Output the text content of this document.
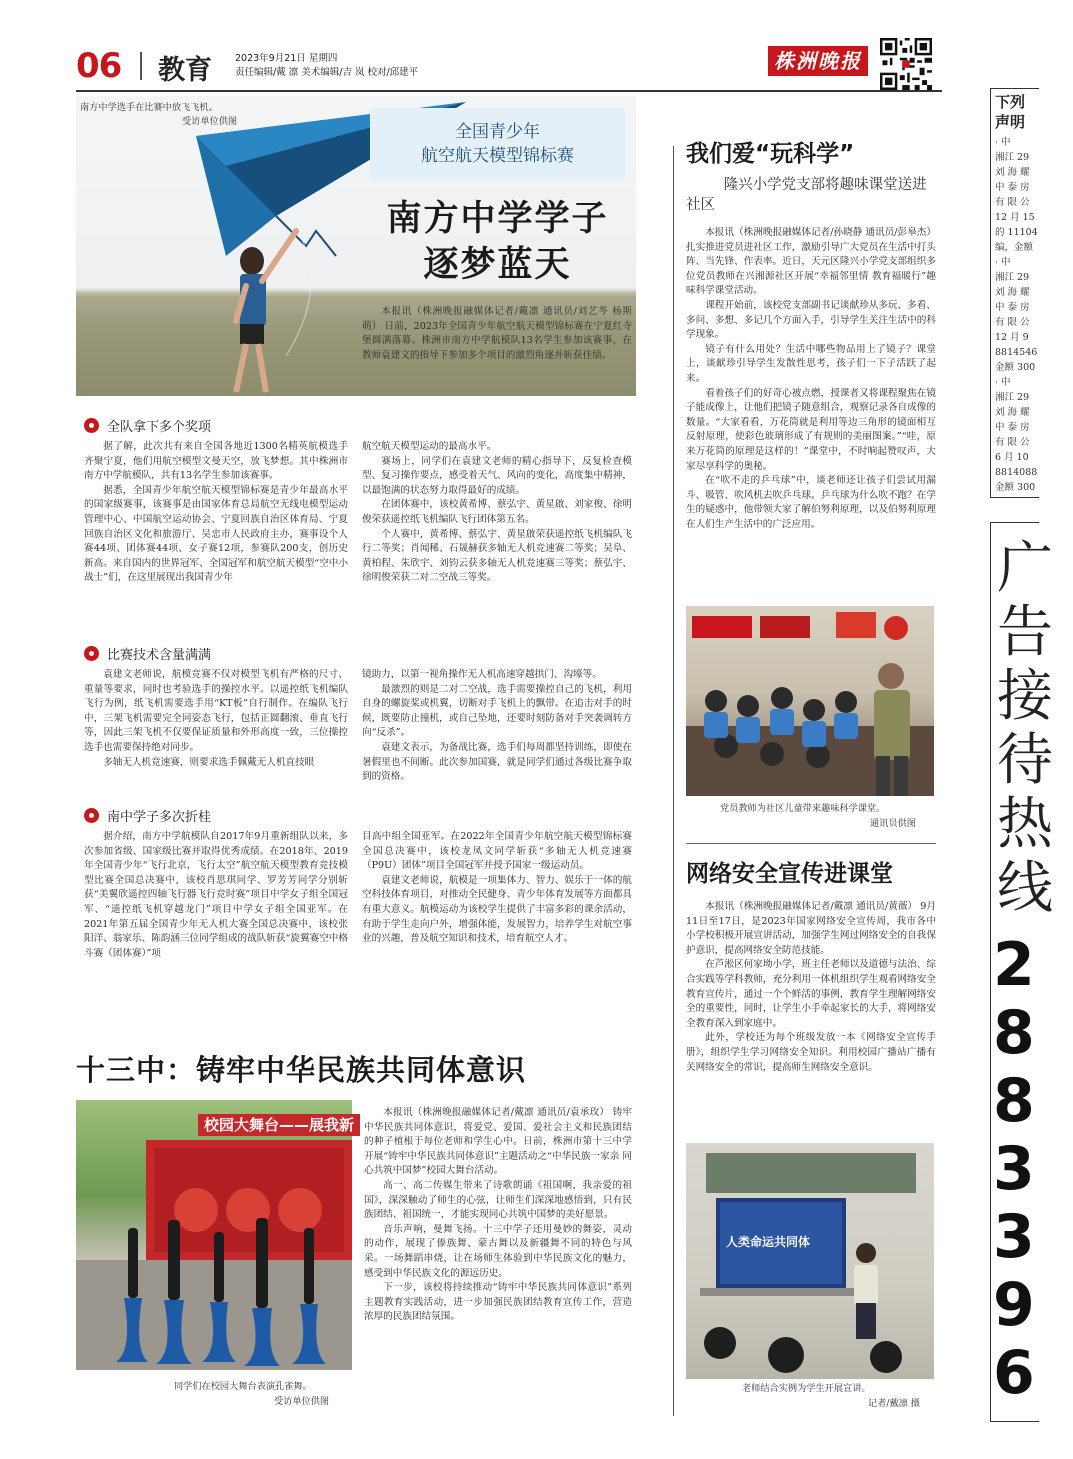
06 教育 2023年9月21日 星期四
责任编辑/戴 凛 美术编辑/吉 岚 校对/邱建平	株洲晚报
南方中学选手在比赛中放飞飞机。
受访单位供图
全国青少年
航空航天模型锦标赛
南方中学学子
逐梦蓝天
本报讯（株洲晚报融媒体记者/戴凛 通讯员/刘艺芩 杨斯萌） 日前，2023年全国青少年航空航天模型锦标赛在宁夏红寺堡圆满落幕。株洲市南方中学航模队13名学生参加该赛事，在教师袁建文的指导下参加多个项目的激烈角逐并斩获佳绩。
全队拿下多个奖项

据了解，此次共有来自全国各地近1300名精英航模选手齐聚宁夏，他们用航空模型文曼天空，放飞梦想。其中株洲市南方中学航模队，共有13名学生参加该赛事。

据悉，全国青少年航空航天模型锦标赛是青少年最高水平的国家级赛事，该赛事是由国家体育总局航空无线电模型运动管理中心、中国航空运动协会、宁夏回族自治区体育局、宁夏回族自治区文化和旅游厅、吴忠市人民政府主办，赛事设个人赛44项、团体赛44项、女子赛12项，参赛队200支，创历史新高。来自国内的世界冠军、全国冠军和航空航天模型“空中小战士”们，在这里展现出我国青少年

航空航天模型运动的最高水平。

赛场上，同学们在袁建文老师的精心指导下，反复检查模型、复习操作要点，感受着天气、风向的变化，高度集中精神，以最饱满的状态努力取得最好的成绩。

在团体赛中，该校黄希博、蔡弘宇、黄星啟、刘家俊、徐明俊荣获遥控纸飞机编队飞行团体第五名。

个人赛中，黄希博、蔡弘宇、黄星啟荣获遥控纸飞机编队飞行二等奖；肖闻稀、石晟赫获多轴无人机竞速赛二等奖；吴阜、黄柏程、朱欣宇、刘钧云获多轴无人机竞速赛三等奖；蔡弘宇、徐明俊荣获二对二空战三等奖。

比赛技术含量满满

袁建文老师说，航模竞赛不仅对模型飞机有严格的尺寸、重量等要求，同时也考验选手的操控水平。以遥控纸飞机编队飞行为例，纸飞机需要选手用“KT板”自行制作。在编队飞行中，三架飞机需要完全同姿态飞行，包括正圆翻滚、垂直飞行等，因此三架飞机不仅要保证质量和外形高度一致，三位操控选手也需要保持绝对同步。

多轴无人机竞速赛，则要求选手佩戴无人机直技眼

镜助力，以第一视角操作无人机高速穿越拱门、沟壕等。

最激烈的则是二对二空战，选手需要操控自己的飞机，利用自身的螺旋桨或机翼，切断对手飞机上的飘带。在追击对手的时候，既要防止撞机，或自己坠地，还要时刻防备对手突袭调转方向“反杀”。

袁建文表示，为备战比赛，选手们每周都坚持训练，即使在暑假里也不间断。此次参加国赛，就是同学们通过各级比赛争取到的资格。

南中学子多次折桂

据介绍，南方中学航模队自2017年9月重新组队以来，多次参加省级、国家级比赛并取得优秀成绩。在2018年、2019年全国青少年“飞行北京，飞行太空”航空航天模型教育竞技模型比赛全国总决赛中，该校肖思琪同学、罗芳芳同学分别斩获“美翼欣遥控四轴飞行器飞行竞时赛”项目中学女子组全国冠军、“遥控纸飞机穿越龙门”项目中学女子组全国亚军。在2021年第五届全国青少年无人机大赛全国总决赛中，该校张阳洋、翁家乐、陈韵涵三位同学组成的战队斩获“旋翼赛空中格斗赛（团体赛）”项

目高中组全国亚军。在2022年全国青少年航空航天模型锦标赛全国总决赛中，该校龙凤文同学斩获“多轴无人机竞速赛（P9U）团体”项目全国冠军并授予国家一级运动员。

袁建文老师说，航模是一项集体力、智力、娱乐于一体的航空科技体育项目，对推动全民健身、青少年体育发展等方面都具有重大意义。航模运动为该校学生提供了丰富多彩的课余活动，有助于学生走向户外，增强体能，发展智力，培养学生对航空事业的兴趣，普及航空知识和技术，培育航空人才。

十三中：铸牢中华民族共同体意识
校园大舞台——展我新
同学们在校园大舞台表演孔雀舞。
受访单位供图

本报讯（株洲晚报融媒体记者/戴凛 通讯员/袁承玫） 铸牢中华民族共同体意识，将爱党、爱国、爱社会主义和民族团结的种子植根于每位老师和学生心中。日前，株洲市第十三中学开展“铸牢中华民族共同体意识”主题活动之“中华民族一家亲 同心共筑中国梦”校园大舞台活动。

高一、高二传媒生带来了诗歌朗诵《祖国啊，我亲爱的祖国》，深深触动了师生的心弦，让师生们深深地感悟到，只有民族团结、祖国统一，才能实现同心共筑中国梦的美好愿景。

音乐声响，曼舞飞扬。十三中学子还用曼妙的舞姿，灵动的动作，展现了傣族舞、蒙古舞以及新疆舞不同的特色与风采。一场舞蹈串烧，让在场师生体验到中华民族文化的魅力，感受到中华民族文化的源远历史。

下一步，该校将持续推动“铸牢中华民族共同体意识”系列主题教育实践活动，进一步加强民族团结教育宣传工作，营造浓厚的民族团结氛围。

我们爱“玩科学”
隆兴小学党支部将趣味课堂送进社区

本报讯（株洲晚报融媒体记者/孙晓静 通讯员/彭皋杰） 扎实推进党员进社区工作，激励引导广大党员在生活中打头阵、当先锋、作表率。近日，天元区隆兴小学党支部组织多位党员教师在兴湘源社区开展“幸福邻里情 教育福暖行”趣味科学课堂活动。

课程开始前，该校党支部副书记谈献珍从多玩、多看、多问、多想、多记几个方面入手，引导学生关注生活中的科学现象。

镜子有什么用处？生活中哪些物品用上了镜子？课堂上，谈献珍引导学生发散性思考，孩子们一下子活跃了起来。

看着孩子们的好奇心被点燃，授课者又将课程聚焦在镜子能成像上，让他们把镜子随意组合，观察记录各自成像的数量。“大家看看，万花筒就是利用等边三角形的镜面相互反射原理，使彩色玻璃形成了有规则的美丽图案。”“哇，原来万花筒的原理是这样的！”课堂中，不时响起赞叹声，大家尽享科学的奥秘。

在“吹不走的乒乓球”中，谈老师还让孩子们尝试用漏斗、吸管、吹风机去吹乒乓球。乒乓球为什么吹不跑？在学生的疑惑中，他带领大家了解伯努利原理，以及伯努利原理在人们生产生活中的广泛应用。

党员教师为社区儿童带来趣味科学课堂。
通讯员供图
网络安全宣传进课堂

本报讯（株洲晚报融媒体记者/戴凛 通讯员/黄薇） 9月11日至17日，是2023年国家网络安全宣传周，我市各中小学校积极开展宣讲活动，加强学生网过网络安全的自我保护意识，提高网络安全防范技能。

在芦淞区何家坳小学，班主任老师以及道德与法治、综合实践等学科教师，充分利用一体机组织学生观看网络安全教育宣传片，通过一个个鲜活的事例，教育学生理解网络安全的重要性，同时，让学生小手牵起家长的大手，将网络安全教育深入到家庭中。

此外，学校还为每个班级发放一本《网络安全宣传手册》，组织学生学习网络安全知识。利用校园广播站广播有关网络安全的常识，提高师生网络安全意识。

人类命运共同体
老师结合实例为学生开展宣讲。
记者/戴凛 摄
下列
声明
· 中
湘江 29
刘 海 耀
中 泰 房
有 限 公
12 月 15
的 11104
编，金额
· 中
湘江 29
刘 海 耀
中 泰 房
有 限 公
12 月 9
8814546
金额 300
· 中
湘江 29
刘 海 耀
中 泰 房
有 限 公
6 月 10
8814088
金额 300
广
告
接
待
热
线
2
8
8
3
3
9
6
